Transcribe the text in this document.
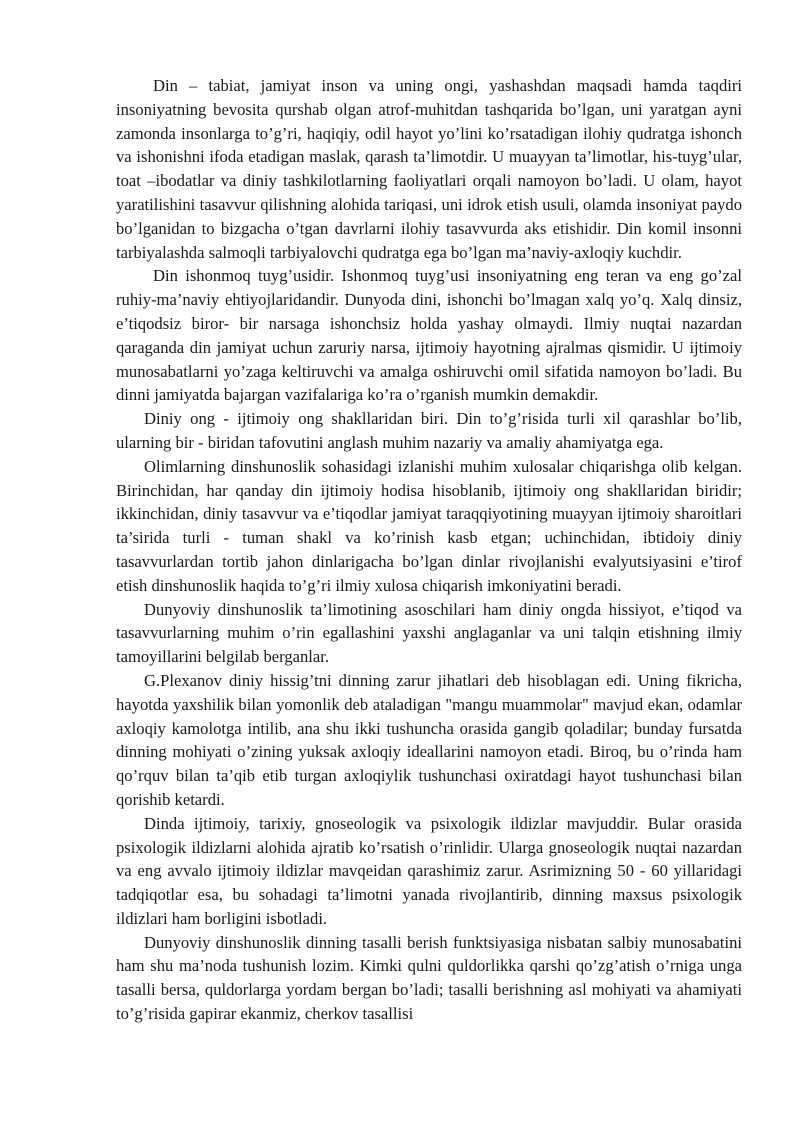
Din – tabiat, jamiyat inson va uning ongi, yashashdan maqsadi hamda taqdiri insoniyatning bevosita qurshab olgan atrof-muhitdan tashqarida bo’lgan, uni yaratgan ayni zamonda insonlarga to’g’ri, haqiqiy, odil hayot yo’lini ko’rsatadigan ilohiy qudratga ishonch va ishonishni ifoda etadigan maslak, qarash ta’limotdir. U muayyan ta’limotlar, his-tuyg’ular, toat –ibodatlar va diniy tashkilotlarning faoliyatlari orqali namoyon bo’ladi. U olam, hayot yaratilishini tasavvur qilishning alohida tariqasi, uni idrok etish usuli, olamda insoniyat paydo bo’lganidan to bizgacha o’tgan davrlarni ilohiy tasavvurda aks etishidir. Din komil insonni tarbiyalashda salmoqli tarbiyalovchi qudratga ega bo’lgan ma’naviy-axloqiy kuchdir.

Din ishonmoq tuyg’usidir. Ishonmoq tuyg’usi insoniyatning eng teran va eng go’zal ruhiy-ma’naviy ehtiyojlaridandir. Dunyoda dini, ishonchi bo’lmagan xalq yo’q. Xalq dinsiz, e’tiqodsiz biror- bir narsaga ishonchsiz holda yashay olmaydi. Ilmiy nuqtai nazardan qaraganda din jamiyat uchun zaruriy narsa, ijtimoiy hayotning ajralmas qismidir. U ijtimoiy munosabatlarni yo’zaga keltiruvchi va amalga oshiruvchi omil sifatida namoyon bo’ladi. Bu dinni jamiyatda bajargan vazifalariga ko’ra o’rganish mumkin demakdir.

Diniy ong - ijtimoiy ong shakllaridan biri. Din to’g’risida turli xil qarashlar bo’lib, ularning bir - biridan tafovutini anglash muhim nazariy va amaliy ahamiyatga ega.

Olimlarning dinshunoslik sohasidagi izlanishi muhim xulosalar chiqarishga olib kelgan. Birinchidan, har qanday din ijtimoiy hodisa hisoblanib, ijtimoiy ong shakllaridan biridir; ikkinchidan, diniy tasavvur va e’tiqodlar jamiyat taraqqiyotining muayyan ijtimoiy sharoitlari ta’sirida turli - tuman shakl va ko’rinish kasb etgan; uchinchidan, ibtidoiy diniy tasavvurlardan tortib jahon dinlarigacha bo’lgan dinlar rivojlanishi evalyutsiyasini e’tirof etish dinshunoslik haqida to’g’ri ilmiy xulosa chiqarish imkoniyatini beradi.

Dunyoviy dinshunoslik ta’limotining asoschilari ham diniy ongda hissiyot, e’tiqod va tasavvurlarning muhim o’rin egallashini yaxshi anglaganlar va uni talqin etishning ilmiy tamoyillarini belgilab berganlar.

G.Plexanov diniy hissig’tni dinning zarur jihatlari deb hisoblagan edi. Uning fikricha, hayotda yaxshilik bilan yomonlik deb ataladigan "mangu muammolar" mavjud ekan, odamlar axloqiy kamolotga intilib, ana shu ikki tushuncha orasida gangib qoladilar; bunday fursatda dinning mohiyati o’zining yuksak axloqiy ideallarini namoyon etadi. Biroq, bu o’rinda ham qo’rquv bilan ta’qib etib turgan axloqiylik tushunchasi oxiratdagi hayot tushunchasi bilan qorishib ketardi.

Dinda ijtimoiy, tarixiy, gnoseologik va psixologik ildizlar mavjuddir. Bular orasida psixologik ildizlarni alohida ajratib ko’rsatish o’rinlidir. Ularga gnoseologik nuqtai nazardan va eng avvalo ijtimoiy ildizlar mavqeidan qarashimiz zarur. Asrimizning 50 - 60 yillaridagi tadqiqotlar esa, bu sohadagi ta’limotni yanada rivojlantirib, dinning maxsus psixologik ildizlari ham borligini isbotladi.

Dunyoviy dinshunoslik dinning tasalli berish funktsiyasiga nisbatan salbiy munosabatini ham shu ma’noda tushunish lozim. Kimki qulni quldorlikka qarshi qo’zg’atish o’rniga unga tasalli bersa, quldorlarga yordam bergan bo’ladi; tasalli berishning asl mohiyati va ahamiyati to’g’risida gapirar ekanmiz, cherkov tasallisi
